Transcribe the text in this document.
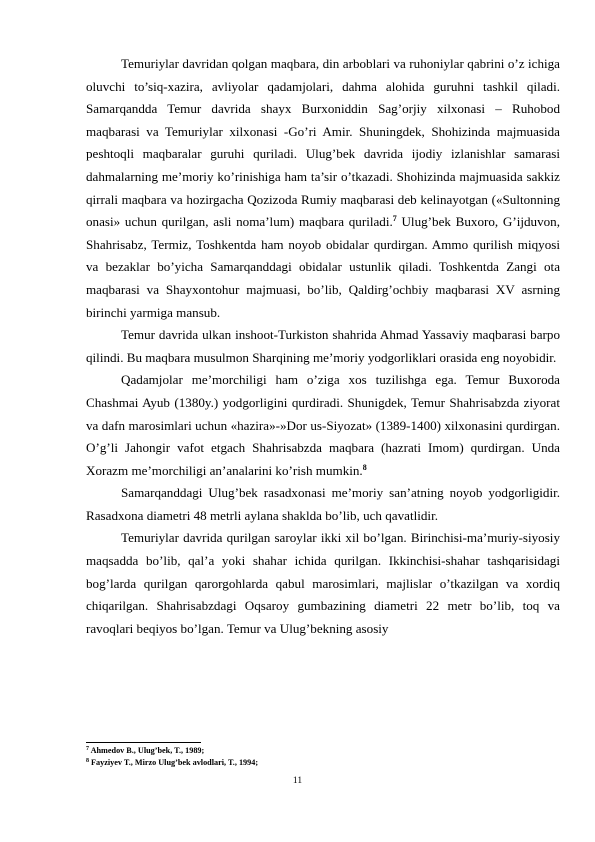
Temuriylar davridan qolgan maqbara, din arboblari va ruhoniylar qabrini o’z ichiga oluvchi to’siq-xazira, avliyolar qadamjolari, dahma alohida guruhni tashkil qiladi. Samarqandda Temur davrida shayx Burxoniddin Sag’orjiy xilxonasi – Ruhobod maqbarasi va Temuriylar xilxonasi -Go’ri Amir. Shuningdek, Shohizinda majmuasida peshtoqli maqbaralar guruhi quriladi. Ulug’bek davrida ijodiy izlanishlar samarasi dahmalarning me’moriy ko’rinishiga ham ta’sir o’tkazadi. Shohizinda majmuasida sakkiz qirrali maqbara va hozirgacha Qozizoda Rumiy maqbarasi deb kelinayotgan («Sultonning onasi» uchun qurilgan, asli noma’lum) maqbara quriladi.$^7$ Ulug’bek Buxoro, G’ijduvon, Shahrisabz, Termiz, Toshkentda ham noyob obidalar qurdirgan. Ammo qurilish miqyosi va bezaklar bo’yicha Samarqanddagi obidalar ustunlik qiladi. Toshkentda Zangi ota maqbarasi va Shayxontohur majmuasi, bo’lib, Qaldirg’ochbiy maqbarasi XV asrning birinchi yarmiga mansub.

Temur davrida ulkan inshoot-Turkiston shahrida Ahmad Yassaviy maqbarasi barpo qilindi. Bu maqbara musulmon Sharqining me’moriy yodgorliklari orasida eng noyobidir.

Qadamjolar me’morchiligi ham o’ziga xos tuzilishga ega. Temur Buxoroda Chashmai Ayub (1380y.) yodgorligini qurdiradi. Shunigdek, Temur Shahrisabzda ziyorat va dafn marosimlari uchun «hazira»-»Dor us-Siyozat» (1389-1400) xilxonasini qurdirgan. O’g’li Jahongir vafot etgach Shahrisabzda maqbara (hazrati Imom) qurdirgan. Unda Xorazm me’morchiligi an’analarini ko’rish mumkin.$^8$

Samarqanddagi Ulug’bek rasadxonasi me’moriy san’atning noyob yodgorligidir. Rasadxona diametri 48 metrli aylana shaklda bo’lib, uch qavatlidir.

Temuriylar davrida qurilgan saroylar ikki xil bo’lgan. Birinchisi-ma’muriy-siyosiy maqsadda bo’lib, qal’a yoki shahar ichida qurilgan. Ikkinchisi-shahar tashqarisidagi bog’larda qurilgan qarorgohlarda qabul marosimlari, majlislar o’tkazilgan va xordiq chiqarilgan. Shahrisabzdagi Oqsaroy gumbazining diametri 22 metr bo’lib, toq va ravoqlari beqiyos bo’lgan. Temur va Ulug’bekning asosiy

$^7$ Ahmedov B., Ulug’bek, T., 1989;

$^8$ Fayziyev T., Mirzo Ulug’bek avlodlari, T., 1994;

11
